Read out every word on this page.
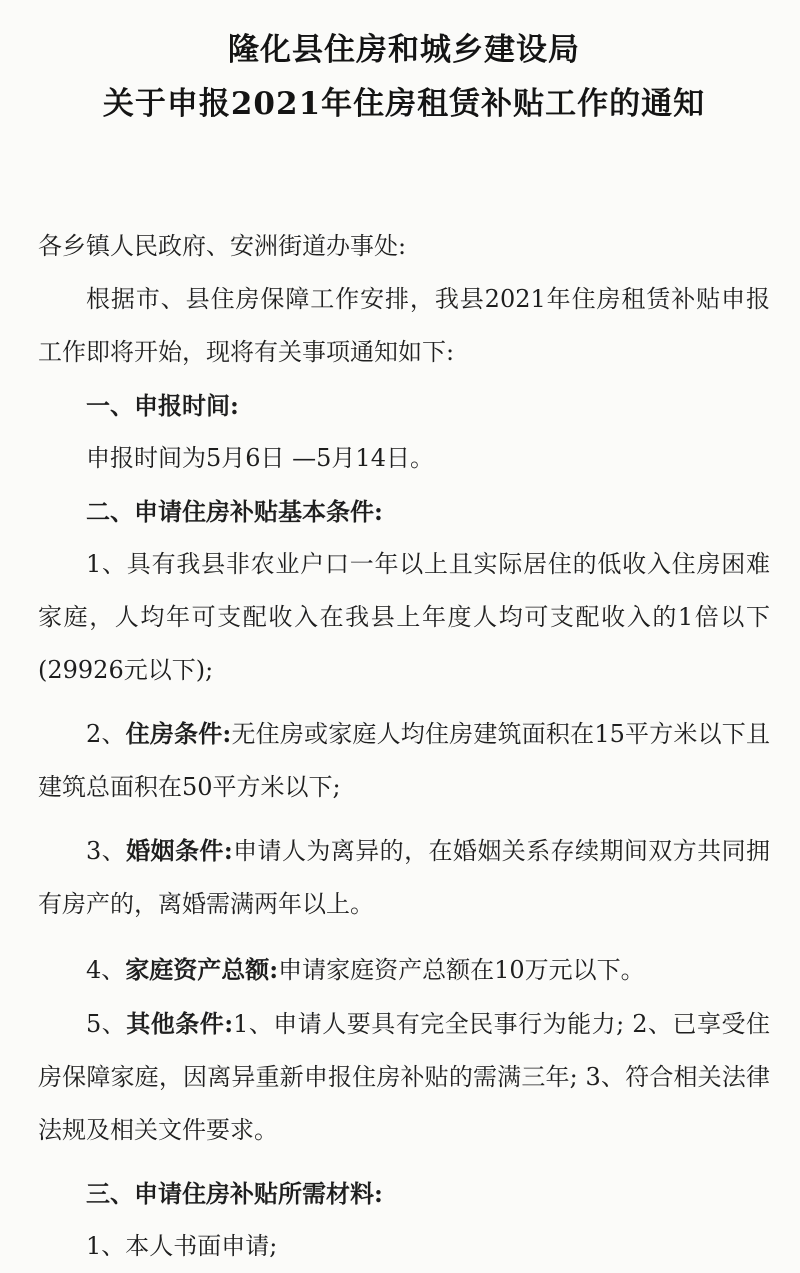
隆化县住房和城乡建设局
关于申报2021年住房租赁补贴工作的通知

各乡镇人民政府、安洲街道办事处:

根据市、县住房保障工作安排，我县2021年住房租赁补贴申报工作即将开始，现将有关事项通知如下:

一、申报时间:

申报时间为5月6日 —5月14日。

二、申请住房补贴基本条件:

1、具有我县非农业户口一年以上且实际居住的低收入住房困难家庭，人均年可支配收入在我县上年度人均可支配收入的1倍以下(29926元以下);

2、住房条件:无住房或家庭人均住房建筑面积在15平方米以下且建筑总面积在50平方米以下;

3、婚姻条件:申请人为离异的，在婚姻关系存续期间双方共同拥有房产的，离婚需满两年以上。

4、家庭资产总额:申请家庭资产总额在10万元以下。

5、其他条件:1、申请人要具有完全民事行为能力; 2、已享受住房保障家庭，因离异重新申报住房补贴的需满三年; 3、符合相关法律法规及相关文件要求。

三、申请住房补贴所需材料:

1、本人书面申请;
